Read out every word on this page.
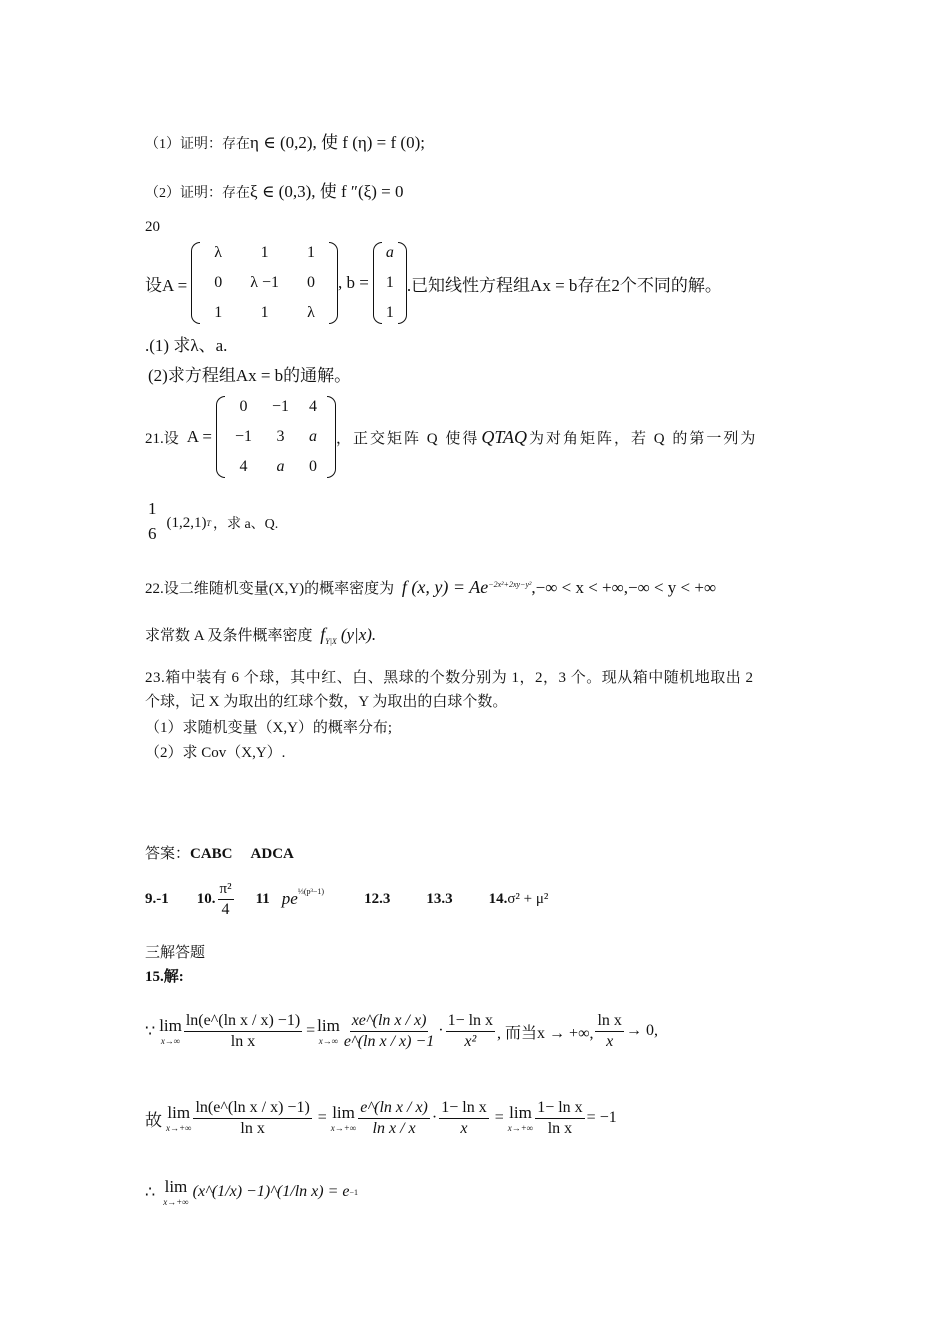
（1）证明：存在η ∈ (0,2), 使 f (η) = f (0);
（2）证明：存在ξ ∈ (0,3), 使 f ″(ξ) = 0
20
设A =
λ	1	1
0	λ −1	0
1	1	λ
, b =
a
1
1
.已知线性方程组Ax = b存在2个不同的解。
.(1) 求λ、a.
(2)求方程组Ax = b的通解。
21.设 A =
0	−1	4
−1	3	a
4	a	0
，正交矩阵 Q 使得 QTAQ 为对角矩阵，若 Q 的第一列为
1
6
(1,2,1) T ，求 a、Q.
22.设二维随机变量(X,Y)的概率密度为 f (x, $y) = Ae^{-2x^2+2xy-y^2},-\infty < x$ < +∞,−∞ < y < +∞
求常数 A 及条件概率密度 $f_{Y|X}$ (y|x).
23.箱中装有 6 个球，其中红、白、黑球的个数分别为 1，2，3 个。现从箱中随机地取出 2
个球，记 X 为取出的红球个数，Y 为取出的白球个数。
（1）求随机变量（X,Y）的概率分布;
（2）求 Cov（X,Y）.
答案：CABC ADCA
9.-1 10. $\frac{\text{π²}}{4} 11$ $pe^{\frac{1}{3}(p^3-1)}$	12.3 13.3 14. σ² + μ²
三解答题
15.解:
∵ lim
$x\to\infty \frac{\text{ln(e\textasciicircum{}(ln x / x) −1)}}{\text{ln x}} = \lim$
$x\to\infty \frac{\text{xe\textasciicircum{}(ln x / x)}}{\text{e\textasciicircum{}(ln x / x) −1}} \cdot \frac{\text{1− ln x}}{\text{x²}}$ , 而当x → +∞, $\frac{\text{ln x}}{x} \to 0$,
故 lim
$x\to+\infty \frac{\text{ln(e\textasciicircum{}(ln x / x) −1)}}{\text{ln x}} = \lim$
$x\to+\infty \frac{\text{e\textasciicircum{}(ln x / x)}}{\text{ln x / x}} \cdot \frac{\text{1− ln x}}{x} = \lim$
$x\to+\infty \frac{\text{1− ln x}}{\text{ln x}} = -1$
∴ lim
x→+∞
(x^(1/x) −1)^(1/ln x) = e −1
